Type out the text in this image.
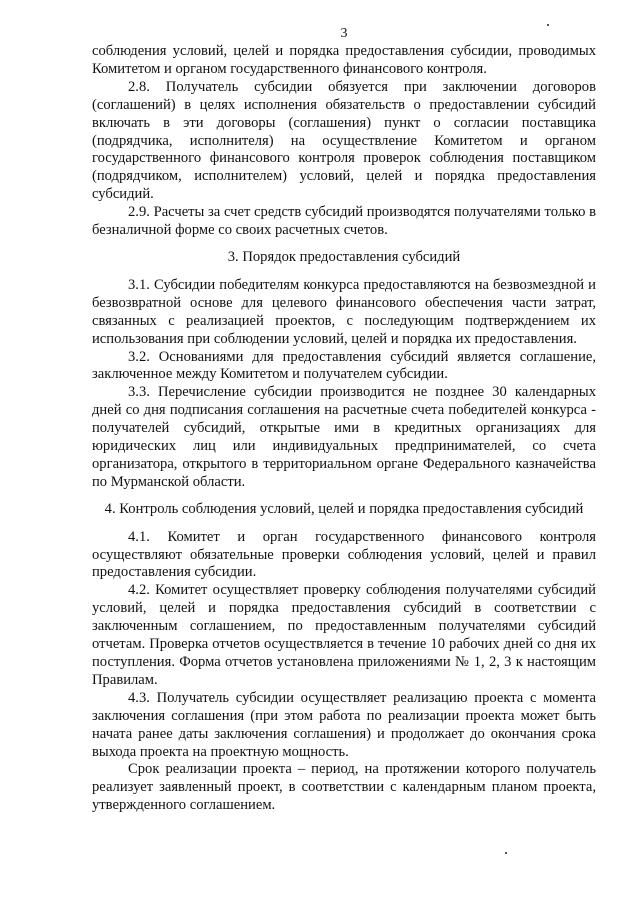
3

соблюдения условий, целей и порядка предоставления субсидии, проводимых Комитетом и органом государственного финансового контроля.

2.8. Получатель субсидии обязуется при заключении договоров (соглашений) в целях исполнения обязательств о предоставлении субсидий включать в эти договоры (соглашения) пункт о согласии поставщика (подрядчика, исполнителя) на осуществление Комитетом и органом государственного финансового контроля проверок соблюдения поставщиком (подрядчиком, исполнителем) условий, целей и порядка предоставления субсидий.

2.9. Расчеты за счет средств субсидий производятся получателями только в безналичной форме со своих расчетных счетов.

3. Порядок предоставления субсидий

3.1. Субсидии победителям конкурса предоставляются на безвозмездной и безвозвратной основе для целевого финансового обеспечения части затрат, связанных с реализацией проектов, с последующим подтверждением их использования при соблюдении условий, целей и порядка их предоставления.

3.2. Основаниями для предоставления субсидий является соглашение, заключенное между Комитетом и получателем субсидии.

3.3. Перечисление субсидии производится не позднее 30 календарных дней со дня подписания соглашения на расчетные счета победителей конкурса - получателей субсидий, открытые ими в кредитных организациях для юридических лиц или индивидуальных предпринимателей, со счета организатора, открытого в территориальном органе Федерального казначейства по Мурманской области.

4. Контроль соблюдения условий, целей и порядка предоставления субсидий

4.1. Комитет и орган государственного финансового контроля осуществляют обязательные проверки соблюдения условий, целей и правил предоставления субсидии.

4.2. Комитет осуществляет проверку соблюдения получателями субсидий условий, целей и порядка предоставления субсидий в соответствии с заключенным соглашением, по предоставленным получателями субсидий отчетам. Проверка отчетов осуществляется в течение 10 рабочих дней со дня их поступления. Форма отчетов установлена приложениями № 1, 2, 3 к настоящим Правилам.

4.3. Получатель субсидии осуществляет реализацию проекта с момента заключения соглашения (при этом работа по реализации проекта может быть начата ранее даты заключения соглашения) и продолжает до окончания срока выхода проекта на проектную мощность.

Срок реализации проекта – период, на протяжении которого получатель реализует заявленный проект, в соответствии с календарным планом проекта, утвержденного соглашением.
